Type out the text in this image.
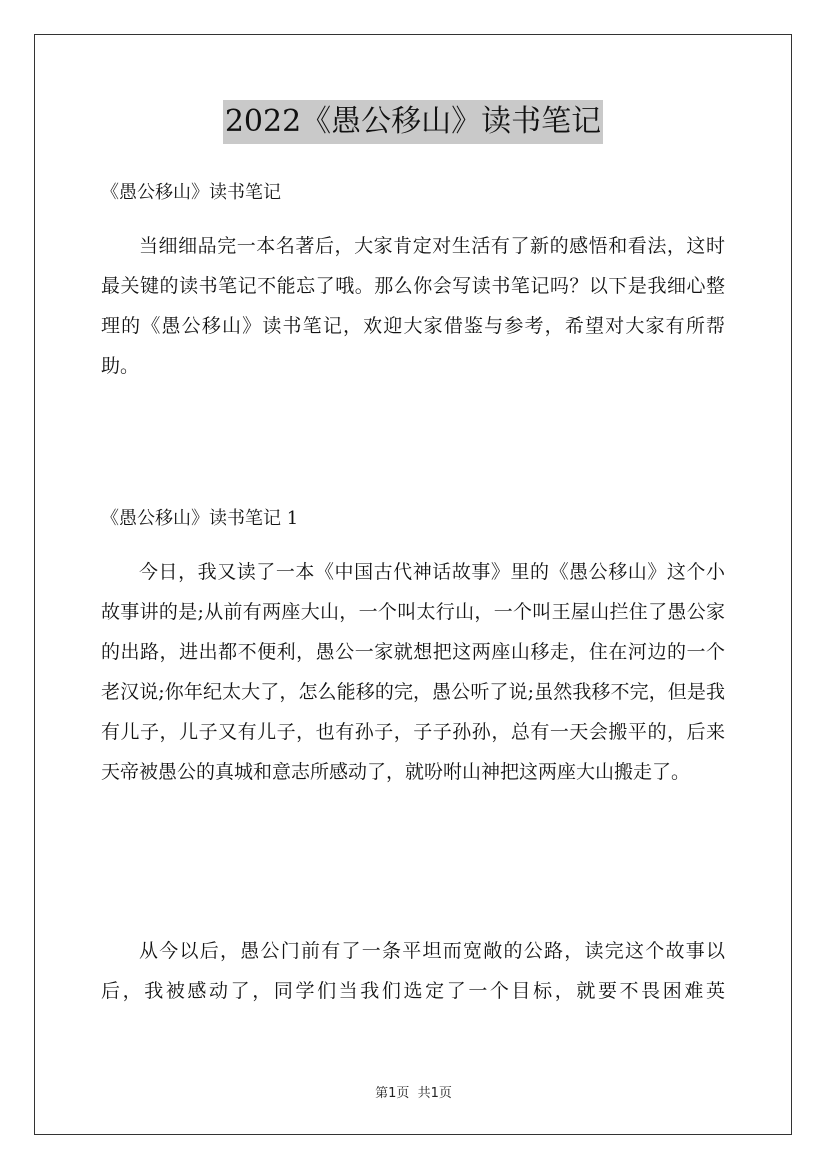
2022《愚公移山》读书笔记
《愚公移山》读书笔记

当细细品完一本名著后，大家肯定对生活有了新的感悟和看法，这时最关键的读书笔记不能忘了哦。那么你会写读书笔记吗？以下是我细心整理的《愚公移山》读书笔记，欢迎大家借鉴与参考，希望对大家有所帮助。

《愚公移山》读书笔记 1

今日，我又读了一本《中国古代神话故事》里的《愚公移山》这个小故事讲的是;从前有两座大山，一个叫太行山，一个叫王屋山拦住了愚公家的出路，进出都不便利，愚公一家就想把这两座山移走，住在河边的一个老汉说;你年纪太大了，怎么能移的完，愚公听了说;虽然我移不完，但是我有儿子，儿子又有儿子，也有孙子，子子孙孙，总有一天会搬平的，后来天帝被愚公的真城和意志所感动了，就吩咐山神把这两座大山搬走了。

从今以后，愚公门前有了一条平坦而宽敞的公路，读完这个故事以后，我被感动了，同学们当我们选定了一个目标，就要不畏困难英

第1页 共1页
